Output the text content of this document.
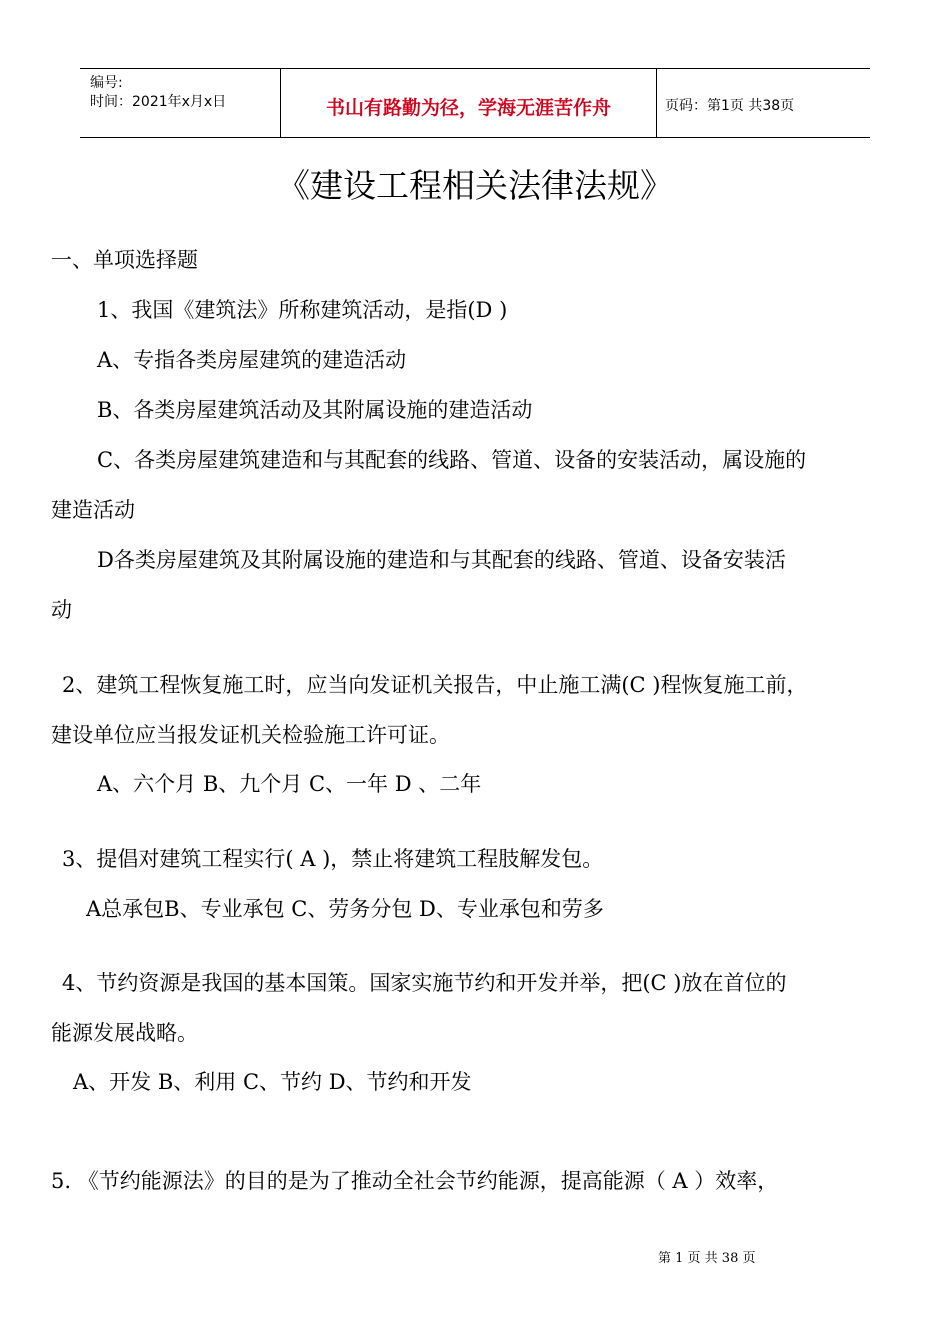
编号:
时间：2021年x月x日	书山有路勤为径，学海无涯苦作舟	页码：第1页 共38页
《建设工程相关法律法规》
一、单项选择题
1、我国《建筑法》所称建筑活动，是指(D )
A、专指各类房屋建筑的建造活动
B、各类房屋建筑活动及其附属设施的建造活动
C、各类房屋建筑建造和与其配套的线路、管道、设备的安装活动，属设施的
建造活动
D各类房屋建筑及其附属设施的建造和与其配套的线路、管道、设备安装活
动
2、建筑工程恢复施工时，应当向发证机关报告，中止施工满(C )程恢复施工前，
建设单位应当报发证机关检验施工许可证。
A、六个月 B、九个月 C、一年 D 、二年
3、提倡对建筑工程实行( A )，禁止将建筑工程肢解发包。
A总承包B、专业承包 C、劳务分包 D、专业承包和劳多
4、节约资源是我国的基本国策。国家实施节约和开发并举，把(C )放在首位的
能源发展战略。
A、开发 B、利用 C、节约 D、节约和开发
5. 《节约能源法》的目的是为了推动全社会节约能源，提高能源（ A ）效率，
第 1 页 共 38 页
